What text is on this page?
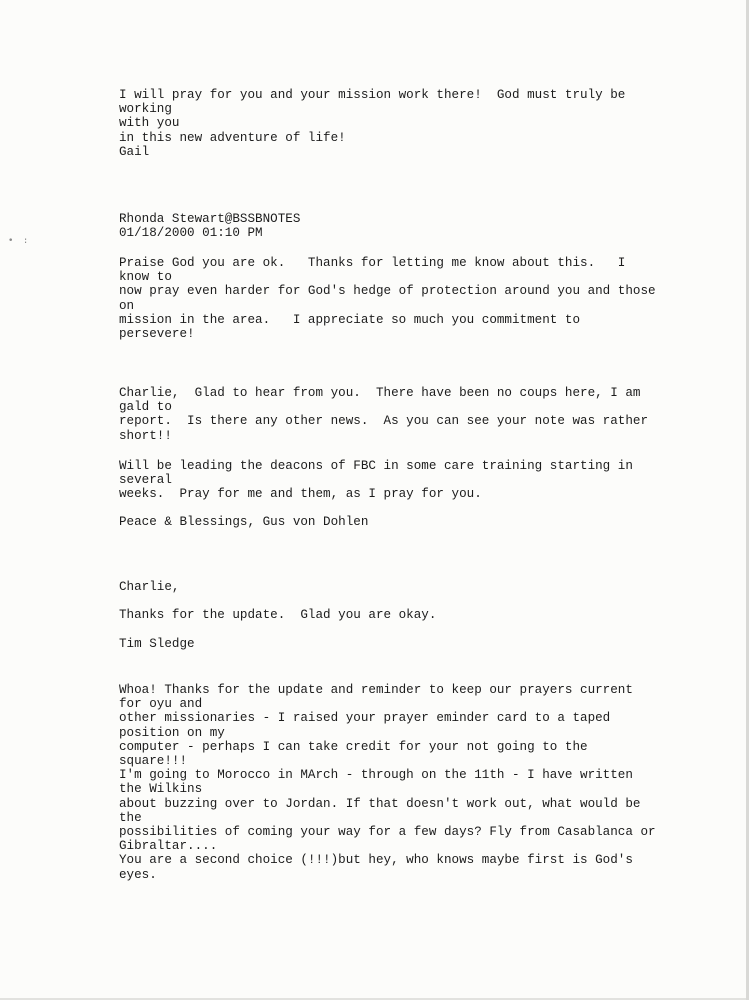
• :
I will pray for you and your mission work there!  God must truly be
working
with you
in this new adventure of life!
Gail
Rhonda Stewart@BSSBNOTES
01/18/2000 01:10 PM
Praise God you are ok.   Thanks for letting me know about this.   I
know to
now pray even harder for God's hedge of protection around you and those
on
mission in the area.   I appreciate so much you commitment to
persevere!
Charlie,  Glad to hear from you.  There have been no coups here, I am
gald to
report.  Is there any other news.  As you can see your note was rather
short!!
Will be leading the deacons of FBC in some care training starting in
several
weeks.  Pray for me and them, as I pray for you.
Peace & Blessings, Gus von Dohlen
Charlie,
Thanks for the update.  Glad you are okay.
Tim Sledge
Whoa! Thanks for the update and reminder to keep our prayers current
for oyu and
other missionaries - I raised your prayer eminder card to a taped
position on my
computer - perhaps I can take credit for your not going to the
square!!!
I'm going to Morocco in MArch - through on the 11th - I have written
the Wilkins
about buzzing over to Jordan. If that doesn't work out, what would be
the
possibilities of coming your way for a few days? Fly from Casablanca or
Gibraltar....
You are a second choice (!!!)but hey, who knows maybe first is God's
eyes.
